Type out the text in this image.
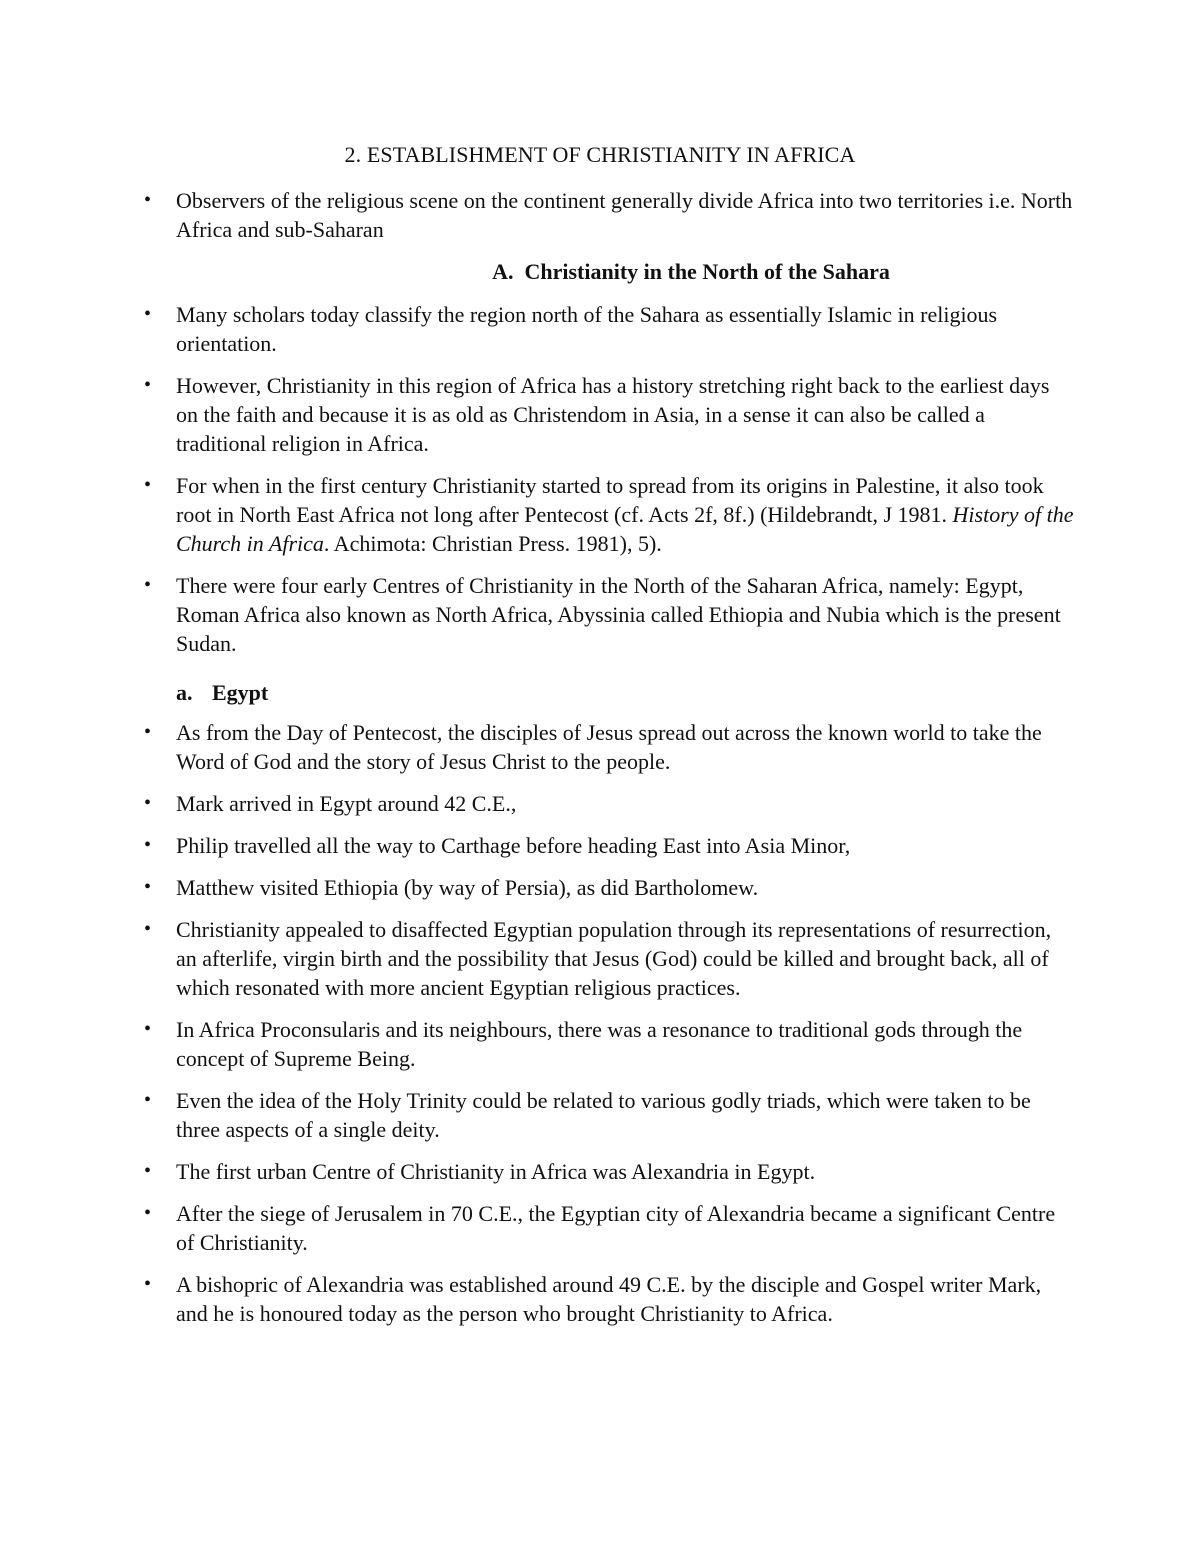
2. ESTABLISHMENT OF CHRISTIANITY IN AFRICA
• Observers of the religious scene on the continent generally divide Africa into two territories i.e. North Africa and sub-Saharan
A. Christianity in the North of the Sahara
• Many scholars today classify the region north of the Sahara as essentially Islamic in religious orientation.
• However, Christianity in this region of Africa has a history stretching right back to the earliest days on the faith and because it is as old as Christendom in Asia, in a sense it can also be called a traditional religion in Africa.
• For when in the first century Christianity started to spread from its origins in Palestine, it also took root in North East Africa not long after Pentecost (cf. Acts 2f, 8f.) (Hildebrandt, J 1981. History of the Church in Africa. Achimota: Christian Press. 1981), 5).
• There were four early Centres of Christianity in the North of the Saharan Africa, namely: Egypt, Roman Africa also known as North Africa, Abyssinia called Ethiopia and Nubia which is the present Sudan.
a. Egypt
• As from the Day of Pentecost, the disciples of Jesus spread out across the known world to take the Word of God and the story of Jesus Christ to the people.
• Mark arrived in Egypt around 42 C.E.,
• Philip travelled all the way to Carthage before heading East into Asia Minor,
• Matthew visited Ethiopia (by way of Persia), as did Bartholomew.
• Christianity appealed to disaffected Egyptian population through its representations of resurrection, an afterlife, virgin birth and the possibility that Jesus (God) could be killed and brought back, all of which resonated with more ancient Egyptian religious practices.
• In Africa Proconsularis and its neighbours, there was a resonance to traditional gods through the concept of Supreme Being.
• Even the idea of the Holy Trinity could be related to various godly triads, which were taken to be three aspects of a single deity.
• The first urban Centre of Christianity in Africa was Alexandria in Egypt.
• After the siege of Jerusalem in 70 C.E., the Egyptian city of Alexandria became a significant Centre of Christianity.
• A bishopric of Alexandria was established around 49 C.E. by the disciple and Gospel writer Mark, and he is honoured today as the person who brought Christianity to Africa.
